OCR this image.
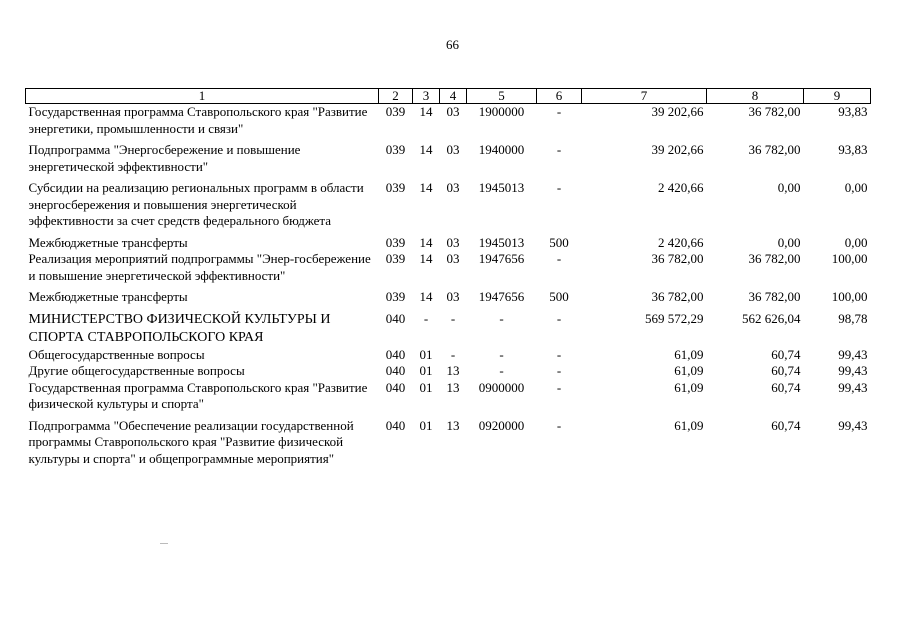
66
1	2	3	4	5	6	7	8	9
Государственная программа Ставропольского края "Развитие энергетики, промышленности и связи"	039	14	03	1900000	-	39 202,66	36 782,00	93,83
Подпрограмма "Энергосбережение и повышение энергетической эффективности"	039	14	03	1940000	-	39 202,66	36 782,00	93,83
Субсидии на реализацию региональных программ в области энергосбережения и повышения энергетической эффективности за счет средств федерального бюджета	039	14	03	1945013	-	2 420,66	0,00	0,00
Межбюджетные трансферты	039	14	03	1945013	500	2 420,66	0,00	0,00
Реализация мероприятий подпрограммы "Энер-госбережение и повышение энергетической эффективности"	039	14	03	1947656	-	36 782,00	36 782,00	100,00
Межбюджетные трансферты	039	14	03	1947656	500	36 782,00	36 782,00	100,00
МИНИСТЕРСТВО ФИЗИЧЕСКОЙ КУЛЬТУРЫ И СПОРТА СТАВРОПОЛЬСКОГО КРАЯ	040	-	-	-	-	569 572,29	562 626,04	98,78
Общегосударственные вопросы	040	01	-	-	-	61,09	60,74	99,43
Другие общегосударственные вопросы	040	01	13	-	-	61,09	60,74	99,43
Государственная программа Ставропольского края "Развитие физической культуры и спорта"	040	01	13	0900000	-	61,09	60,74	99,43
Подпрограмма "Обеспечение реализации государственной программы Ставропольского края "Развитие физической культуры и спорта" и общепрограммные мероприятия"	040	01	13	0920000	-	61,09	60,74	99,43
